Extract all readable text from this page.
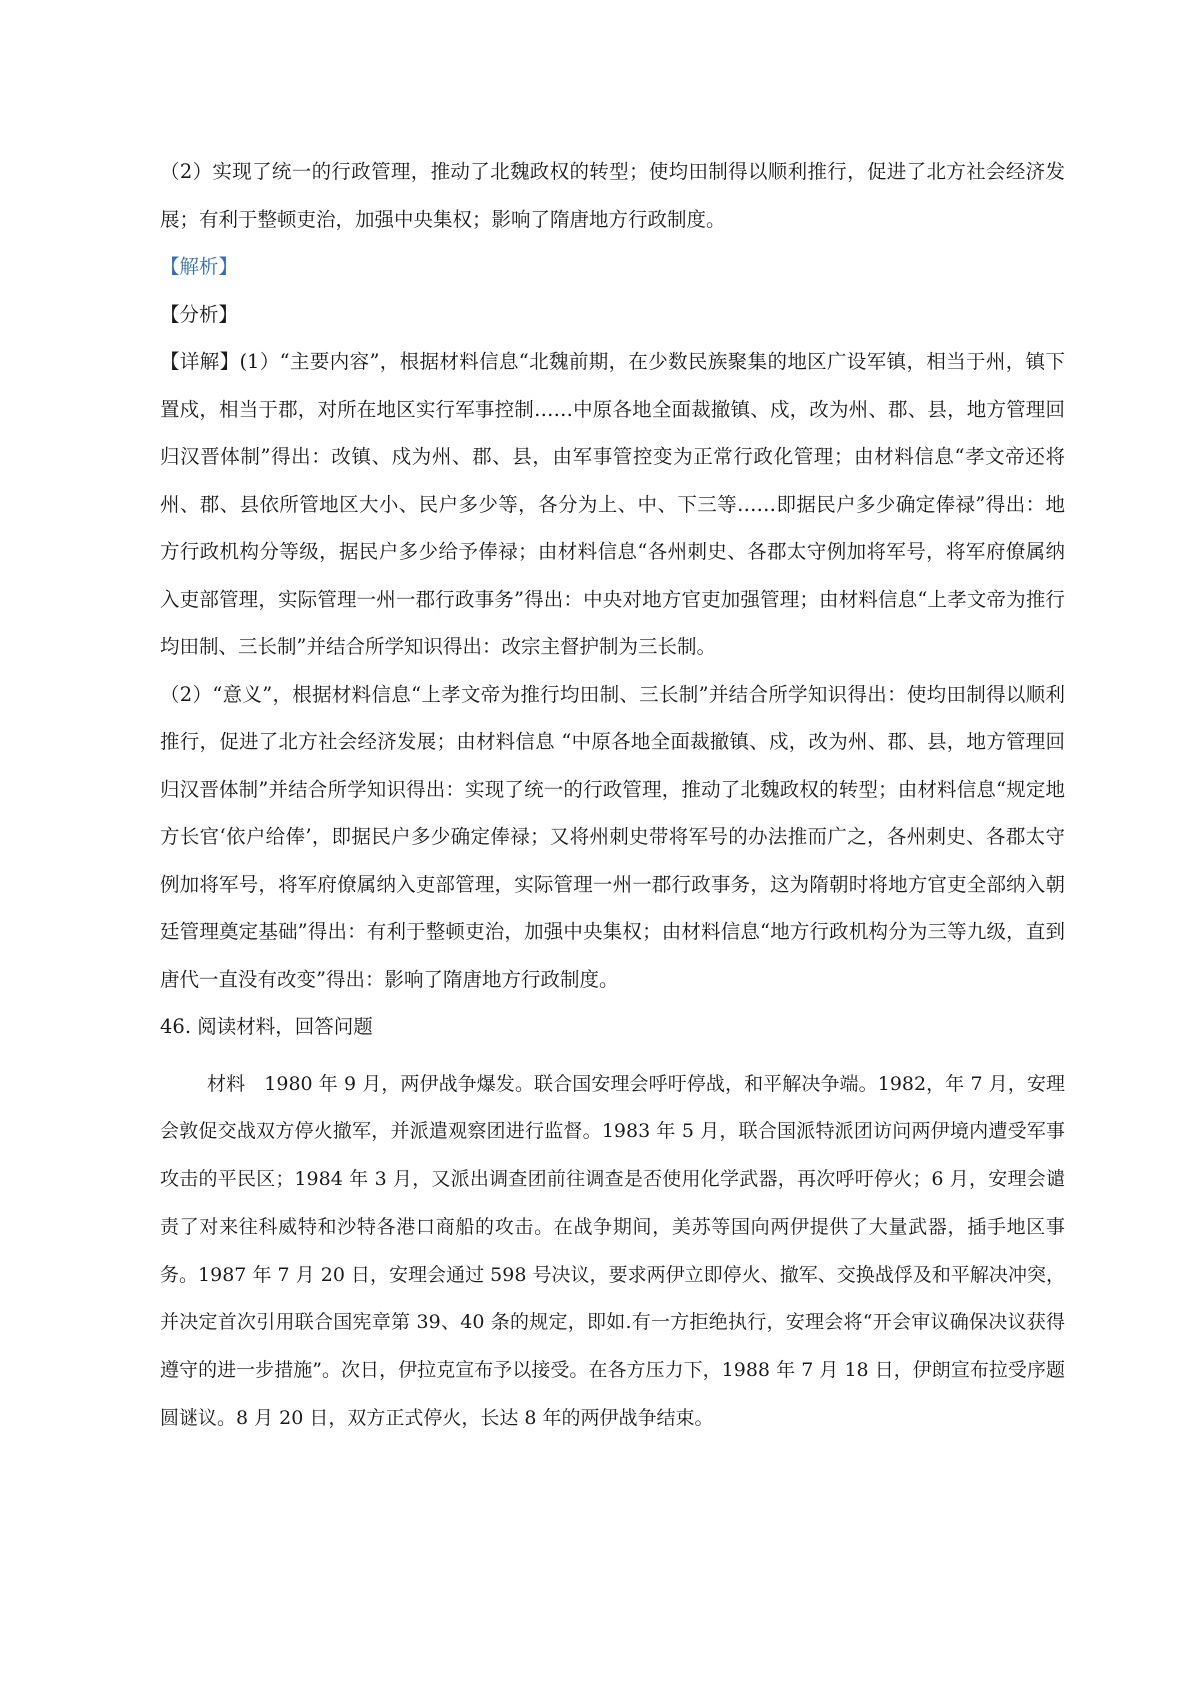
（2）实现了统一的行政管理，推动了北魏政权的转型；使均田制得以顺利推行，促进了北方社会经济发展；有利于整顿吏治，加强中央集权；影响了隋唐地方行政制度。

【解析】

【分析】

【详解】(1）“主要内容”，根据材料信息“北魏前期，在少数民族聚集的地区广设军镇，相当于州，镇下置戍，相当于郡，对所在地区实行军事控制……中原各地全面裁撤镇、戍，改为州、郡、县，地方管理回归汉晋体制”得出：改镇、戍为州、郡、县，由军事管控变为正常行政化管理；由材料信息“孝文帝还将州、郡、县依所管地区大小、民户多少等，各分为上、中、下三等……即据民户多少确定俸禄”得出：地方行政机构分等级，据民户多少给予俸禄；由材料信息“各州刺史、各郡太守例加将军号，将军府僚属纳入吏部管理，实际管理一州一郡行政事务”得出：中央对地方官吏加强管理；由材料信息“上孝文帝为推行均田制、三长制”并结合所学知识得出：改宗主督护制为三长制。

（2）“意义”，根据材料信息“上孝文帝为推行均田制、三长制”并结合所学知识得出：使均田制得以顺利推行，促进了北方社会经济发展；由材料信息 “中原各地全面裁撤镇、戍，改为州、郡、县，地方管理回归汉晋体制”并结合所学知识得出：实现了统一的行政管理，推动了北魏政权的转型；由材料信息“规定地方长官‘依户给俸’，即据民户多少确定俸禄；又将州刺史带将军号的办法推而广之，各州刺史、各郡太守例加将军号，将军府僚属纳入吏部管理，实际管理一州一郡行政事务，这为隋朝时将地方官吏全部纳入朝廷管理奠定基础”得出：有利于整顿吏治，加强中央集权；由材料信息“地方行政机构分为三等九级，直到唐代一直没有改变”得出：影响了隋唐地方行政制度。

46. 阅读材料，回答问题

材料　1980 年 9 月，两伊战争爆发。联合国安理会呼吁停战，和平解决争端。1982，年 7 月，安理会敦促交战双方停火撤军，并派遣观察团进行监督。1983 年 5 月，联合国派特派团访问两伊境内遭受军事攻击的平民区；1984 年 3 月，又派出调查团前往调查是否使用化学武器，再次呼吁停火；6 月，安理会谴责了对来往科威特和沙特各港口商船的攻击。在战争期间，美苏等国向两伊提供了大量武器，插手地区事务。1987 年 7 月 20 日，安理会通过 598 号决议，要求两伊立即停火、撤军、交换战俘及和平解决冲突，并决定首次引用联合国宪章第 39、40 条的规定，即如.有一方拒绝执行，安理会将“开会审议确保决议获得遵守的进一步措施”。次日，伊拉克宣布予以接受。在各方压力下，1988 年 7 月 18 日，伊朗宣布拉受序题圆谜议。8 月 20 日，双方正式停火，长达 8 年的两伊战争结束。
